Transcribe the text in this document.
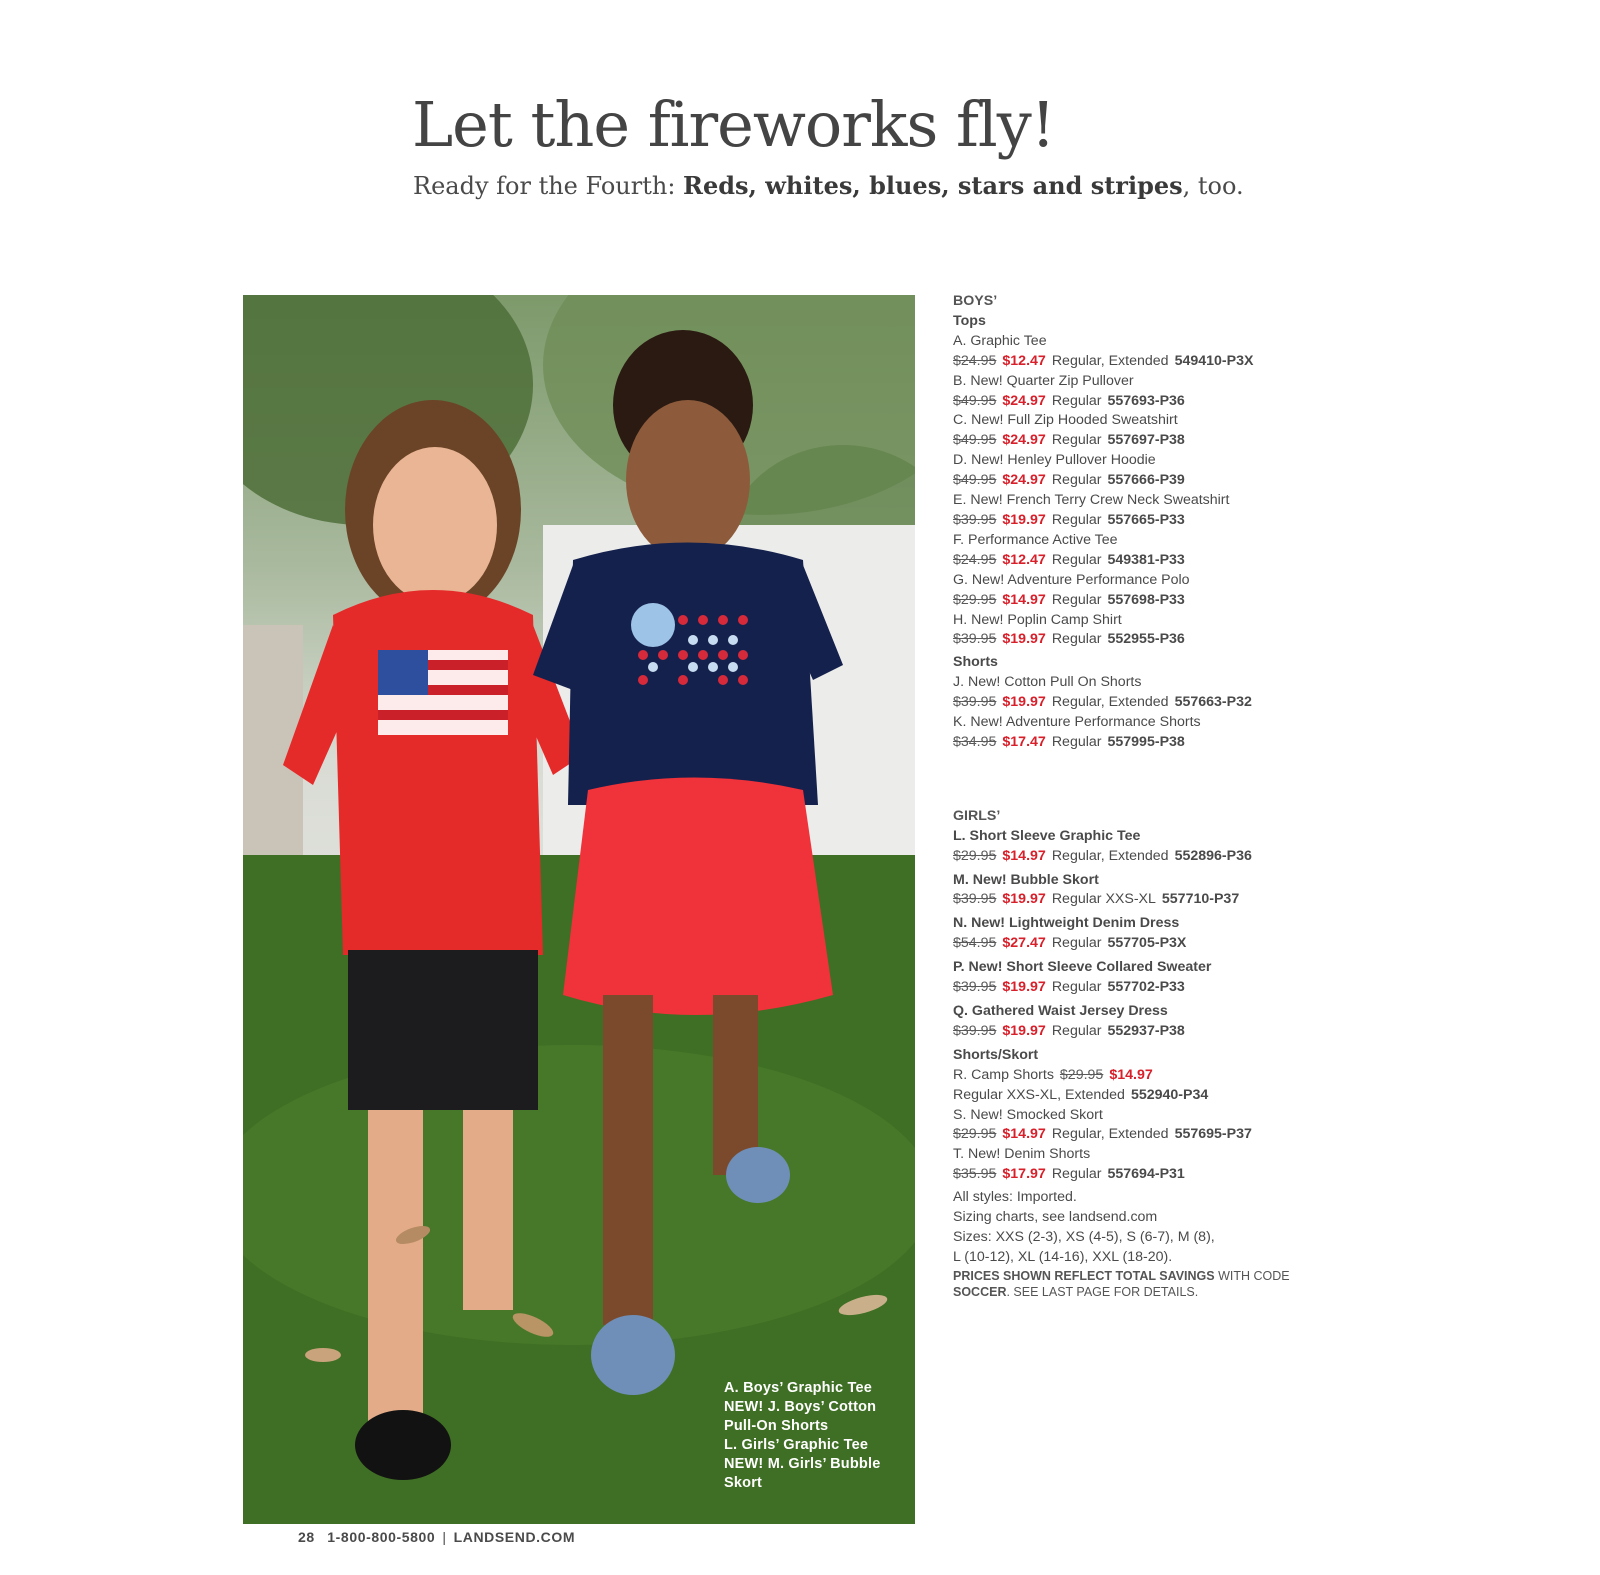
Let the fireworks fly!

Ready for the Fourth: Reds, whites, blues, stars and stripes, too.

A. Boys’ Graphic Tee
NEW! J. Boys’ Cotton Pull-On Shorts
L. Girls’ Graphic Tee
NEW! M. Girls’ Bubble Skort
BOYS’
Tops
A. Graphic Tee
$24.95 $12.47 Regular, Extended 549410-P3X
B. New! Quarter Zip Pullover
$49.95 $24.97 Regular 557693-P36
C. New! Full Zip Hooded Sweatshirt
$49.95 $24.97 Regular 557697-P38
D. New! Henley Pullover Hoodie
$49.95 $24.97 Regular 557666-P39
E. New! French Terry Crew Neck Sweatshirt
$39.95 $19.97 Regular 557665-P33
F. Performance Active Tee
$24.95 $12.47 Regular 549381-P33
G. New! Adventure Performance Polo
$29.95 $14.97 Regular 557698-P33
H. New! Poplin Camp Shirt
$39.95 $19.97 Regular 552955-P36
Shorts
J. New! Cotton Pull On Shorts
$39.95 $19.97 Regular, Extended 557663-P32
K. New! Adventure Performance Shorts
$34.95 $17.47 Regular 557995-P38
GIRLS’
L. Short Sleeve Graphic Tee
$29.95 $14.97 Regular, Extended 552896-P36
M. New! Bubble Skort
$39.95 $19.97 Regular XXS-XL 557710-P37
N. New! Lightweight Denim Dress
$54.95 $27.47 Regular 557705-P3X
P. New! Short Sleeve Collared Sweater
$39.95 $19.97 Regular 557702-P33
Q. Gathered Waist Jersey Dress
$39.95 $19.97 Regular 552937-P38
Shorts/Skort
R. Camp Shorts $29.95 $14.97
Regular XXS-XL, Extended 552940-P34
S. New! Smocked Skort
$29.95 $14.97 Regular, Extended 557695-P37
T. New! Denim Shorts
$35.95 $17.97 Regular 557694-P31
All styles: Imported.
Sizing charts, see landsend.com
Sizes: XXS (2-3), XS (4-5), S (6-7), M (8),
L (10-12), XL (14-16), XXL (18-20).
PRICES SHOWN REFLECT TOTAL SAVINGS WITH CODE SOCCER. SEE LAST PAGE FOR DETAILS.
28 1-800-800-5800 | LANDSEND.COM
